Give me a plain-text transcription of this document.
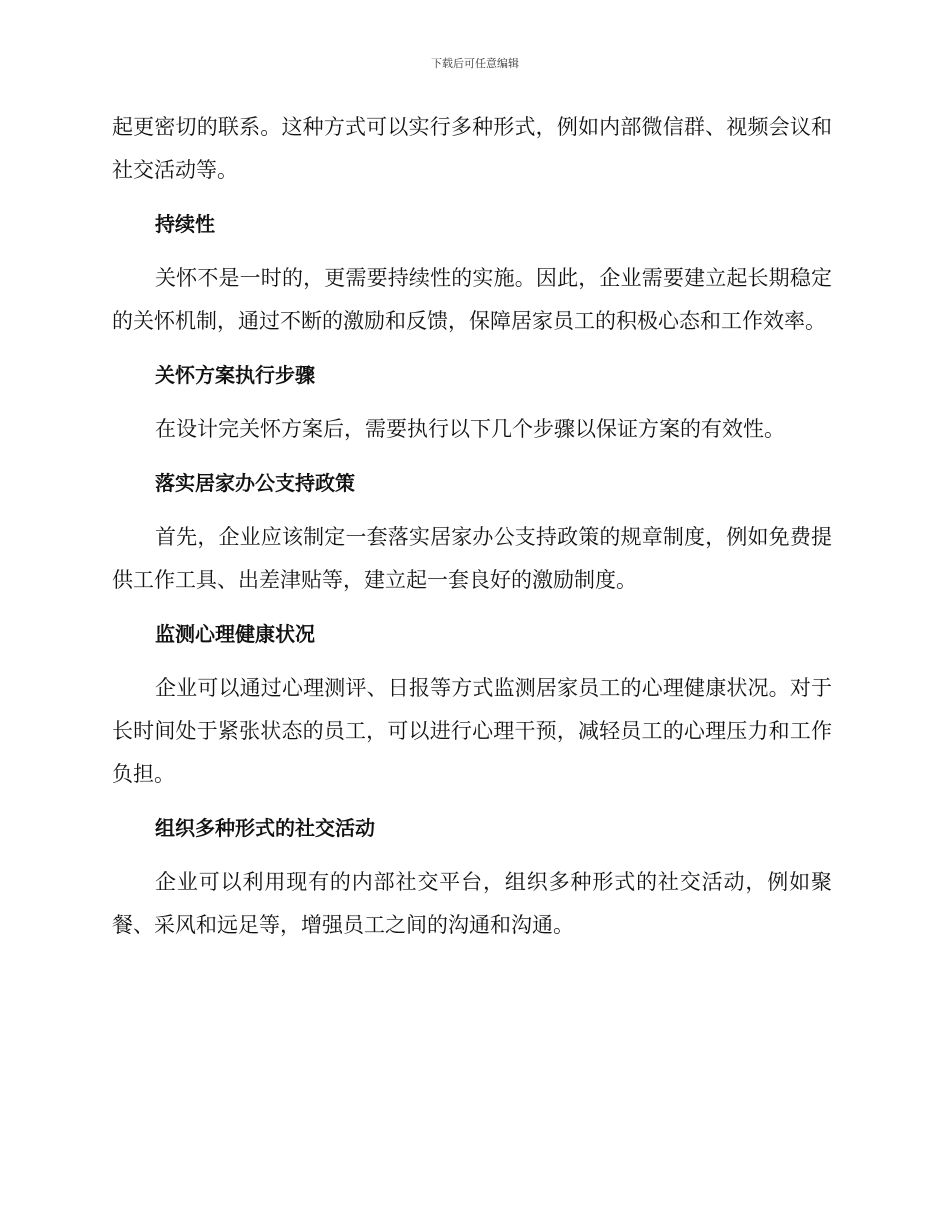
下载后可任意编辑

起更密切的联系。这种方式可以实行多种形式，例如内部微信群、视频会议和社交活动等。

持续性

关怀不是一时的，更需要持续性的实施。因此，企业需要建立起长期稳定的关怀机制，通过不断的激励和反馈，保障居家员工的积极心态和工作效率。

关怀方案执行步骤

在设计完关怀方案后，需要执行以下几个步骤以保证方案的有效性。

落实居家办公支持政策

首先，企业应该制定一套落实居家办公支持政策的规章制度，例如免费提供工作工具、出差津贴等，建立起一套良好的激励制度。

监测心理健康状况

企业可以通过心理测评、日报等方式监测居家员工的心理健康状况。对于长时间处于紧张状态的员工，可以进行心理干预，减轻员工的心理压力和工作负担。

组织多种形式的社交活动

企业可以利用现有的内部社交平台，组织多种形式的社交活动，例如聚餐、采风和远足等，增强员工之间的沟通和沟通。
